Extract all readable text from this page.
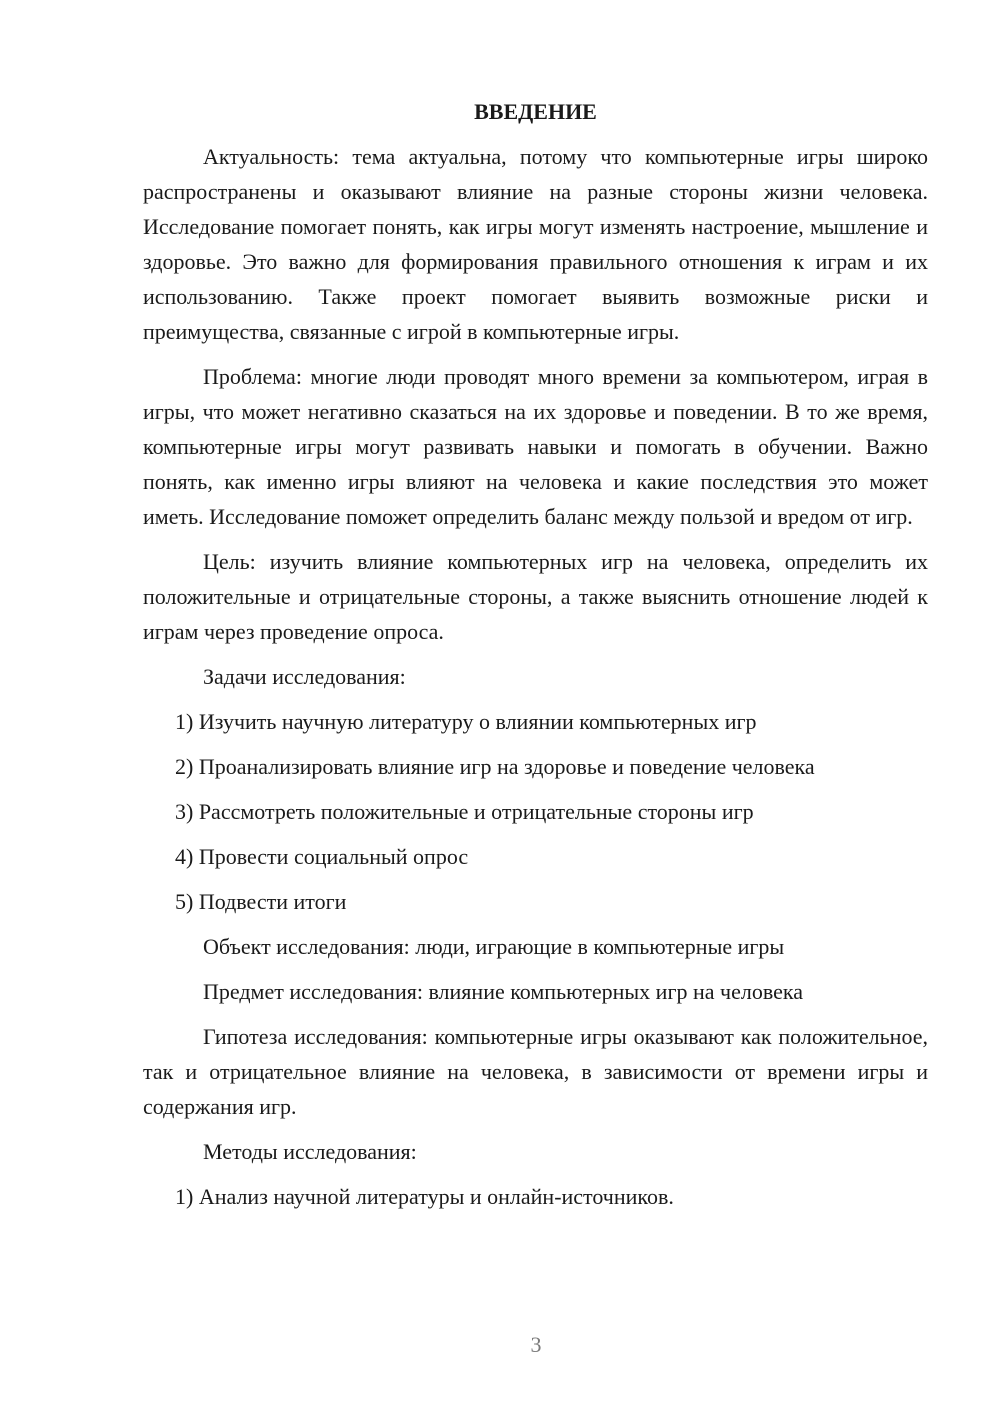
ВВЕДЕНИЕ
Актуальность: тема актуальна, потому что компьютерные игры широко распространены и оказывают влияние на разные стороны жизни человека. Исследование помогает понять, как игры могут изменять настроение, мышление и здоровье. Это важно для формирования правильного отношения к играм и их использованию. Также проект помогает выявить возможные риски и преимущества, связанные с игрой в компьютерные игры.
Проблема: многие люди проводят много времени за компьютером, играя в игры, что может негативно сказаться на их здоровье и поведении. В то же время, компьютерные игры могут развивать навыки и помогать в обучении. Важно понять, как именно игры влияют на человека и какие последствия это может иметь. Исследование поможет определить баланс между пользой и вредом от игр.
Цель: изучить влияние компьютерных игр на человека, определить их положительные и отрицательные стороны, а также выяснить отношение людей к играм через проведение опроса.
Задачи исследования:
1) Изучить научную литературу о влиянии компьютерных игр
2) Проанализировать влияние игр на здоровье и поведение человека
3) Рассмотреть положительные и отрицательные стороны игр
4) Провести социальный опрос
5) Подвести итоги
Объект исследования: люди, играющие в компьютерные игры
Предмет исследования: влияние компьютерных игр на человека
Гипотеза исследования: компьютерные игры оказывают как положительное, так и отрицательное влияние на человека, в зависимости от времени игры и содержания игр.
Методы исследования:
1) Анализ научной литературы и онлайн-источников.
3
